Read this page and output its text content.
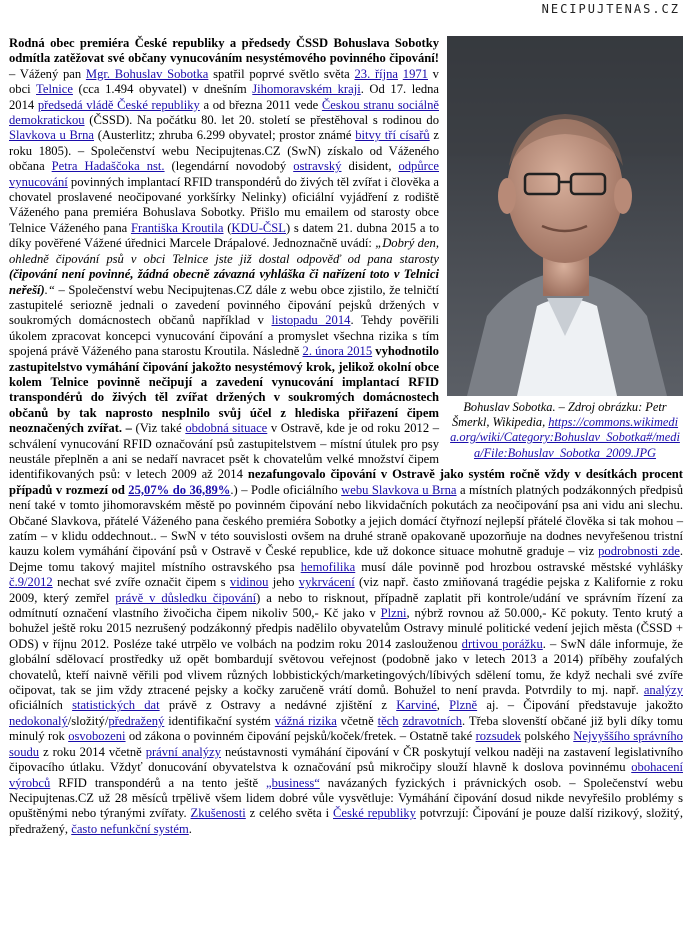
NECIPUJTENAS.CZ
Bohuslav Sobotka. – Zdroj obrázku: Petr Šmerkl, Wikipedia, https://commons.wikimedia.org/wiki/Category:Bohuslav_Sobotka#/media/File:Bohuslav_Sobotka_2009.JPG

Rodná obec premiéra České republiky a předsedy ČSSD Bohuslava Sobotky odmítla zatěžovat své občany vynucováním nesystémového povinného čipování! – Vážený pan Mgr. Bohuslav Sobotka spatřil poprvé světlo světa 23. října 1971 v obci Telnice (cca 1.494 obyvatel) v dnešním Jihomoravském kraji. Od 17. ledna 2014 předsedá vládě České republiky a od března 2011 vede Českou stranu sociálně demokratickou (ČSSD). Na počátku 80. let 20. století se přestěhoval s rodinou do Slavkova u Brna (Austerlitz; zhruba 6.299 obyvatel; prostor známé bitvy tří císařů z roku 1805). – Společenství webu Necipujtenas.CZ (SwN) získalo od Váženého občana Petra Hadaščoka nst. (legendární novodobý ostravský disident, odpůrce vynucování povinných implantací RFID transpondérů do živých těl zvířat i člověka a chovatel proslavené neočipované yorkšírky Nelinky) oficiální vyjádření z rodiště Váženého pana premiéra Bohuslava Sobotky. Přišlo mu emailem od starosty obce Telnice Váženého pana Františka Kroutila (KDU-ČSL) s datem 21. dubna 2015 a to díky pověřené Vážené úřednici Marcele Drápalové. Jednoznačně uvádí: „Dobrý den, ohledně čipování psů v obci Telnice jste již dostal odpověď od pana starosty (čipování není povinné, žádná obecně závazná vyhláška či nařízení toto v Telnici neřeší).“ – Společenství webu Necipujtenas.CZ dále z webu obce zjistilo, že telničtí zastupitelé seriozně jednali o zavedení povinného čipování pejsků držených v soukromých domácnostech občanů například v listopadu 2014. Tehdy pověřili úkolem zpracovat koncepci vynucování čipování a promyslet všechna rizika s tím spojená právě Váženého pana starostu Kroutila. Následně 2. února 2015 vyhodnotilo zastupitelstvo vymáhání čipování jakožto nesystémový krok, jelikož okolní obce kolem Telnice povinně nečipují a zavedení vynucování implantací RFID transpondérů do živých těl zvířat držených v soukromých domácnostech občanů by tak naprosto nesplnilo svůj účel z hlediska přiřazení čipem neoznačených zvířat. – (Viz také obdobná situace v Ostravě, kde je od roku 2012 – schválení vynucování RFID označování psů zastupitelstvem – místní útulek pro psy neustále přeplněn a ani se nedaří navracet psět k chovatelům velké množství čipem identifikovaných psů: v letech 2009 až 2014 nezafungovalo čipování v Ostravě jako systém ročně vždy v desítkách procent případů v rozmezí od 25,07% do 36,89%.) – Podle oficiálního webu Slavkova u Brna a místních platných podzákonných předpisů není také v tomto jihomoravském městě po povinném čipování nebo likvidačních pokutách za neočipování psa ani vidu ani slechu. Občané Slavkova, přátelé Váženého pana českého premiéra Sobotky a jejich domácí čtyřnozí nejlepší přátelé člověka si tak mohou – zatím – v klidu oddechnout.. – SwN v této souvislosti ovšem na druhé straně opakovaně upozorňuje na dodnes nevyřešenou tristní kauzu kolem vymáhání čipování psů v Ostravě v České republice, kde už dokonce situace mohutně graduje – viz podrobnosti zde. Dejme tomu takový majitel místního ostravského psa hemofilika musí dále povinně pod hrozbou ostravské městské vyhlášky č.9/2012 nechat své zvíře označit čipem s vidinou jeho vykrvácení (viz např. často zmiňovaná tragédie pejska z Kalifornie z roku 2009, který zemřel právě v důsledku čipování) a nebo to risknout, případně zaplatit při kontrole/udání ve správním řízení za odmítnutí označení vlastního živočicha čipem nikoliv 500,- Kč jako v Plzni, nýbrž rovnou až 50.000,- Kč pokuty. Tento krutý a bohužel ještě roku 2015 nezrušený podzákonný předpis nadělilo obyvatelům Ostravy minulé politické vedení jejich města (ČSSD + ODS) v říjnu 2012. Posléze také utrpělo ve volbách na podzim roku 2014 zaslouženou drtivou porážku. – SwN dále informuje, že globální sdělovací prostředky už opět bombardují světovou veřejnost (podobně jako v letech 2013 a 2014) příběhy zoufalých chovatelů, kteří naivně věřili pod vlivem různých lobbistických/marketingových/líbivých sdělení tomu, že když nechali své zvíře očipovat, tak se jim vždy ztracené pejsky a kočky zaručeně vrátí domů. Bohužel to není pravda. Potvrdily to mj. např. analýzy oficiálních statistických dat právě z Ostravy a nedávné zjištění z Karviné, Plzně aj. – Čipování představuje jakožto nedokonalý/složitý/předražený identifikační systém vážná rizika včetně těch zdravotních. Třeba slovenští občané již byli díky tomu minulý rok osvobozeni od zákona o povinném čipování pejsků/koček/fretek. – Ostatně také rozsudek polského Nejvyššího správního soudu z roku 2014 včetně právní analýzy neústavnosti vymáhání čipování v ČR poskytují velkou naději na zastavení legislativního čipovacího útlaku. Vždyť donucování obyvatelstva k označování psů mikročipy slouží hlavně k doslova povinnému obohacení výrobců RFID transpondérů a na tento ještě „business“ navázaných fyzických i právnických osob. – Společenství webu Necipujtenas.CZ už 28 měsíců trpělivě všem lidem dobré vůle vysvětluje: Vymáhání čipování dosud nikde nevyřešilo problémy s opuštěnými nebo týranými zvířaty. Zkušenosti z celého světa i České republiky potvrzují: Čipování je pouze další rizikový, složitý, předražený, často nefunkční systém.
